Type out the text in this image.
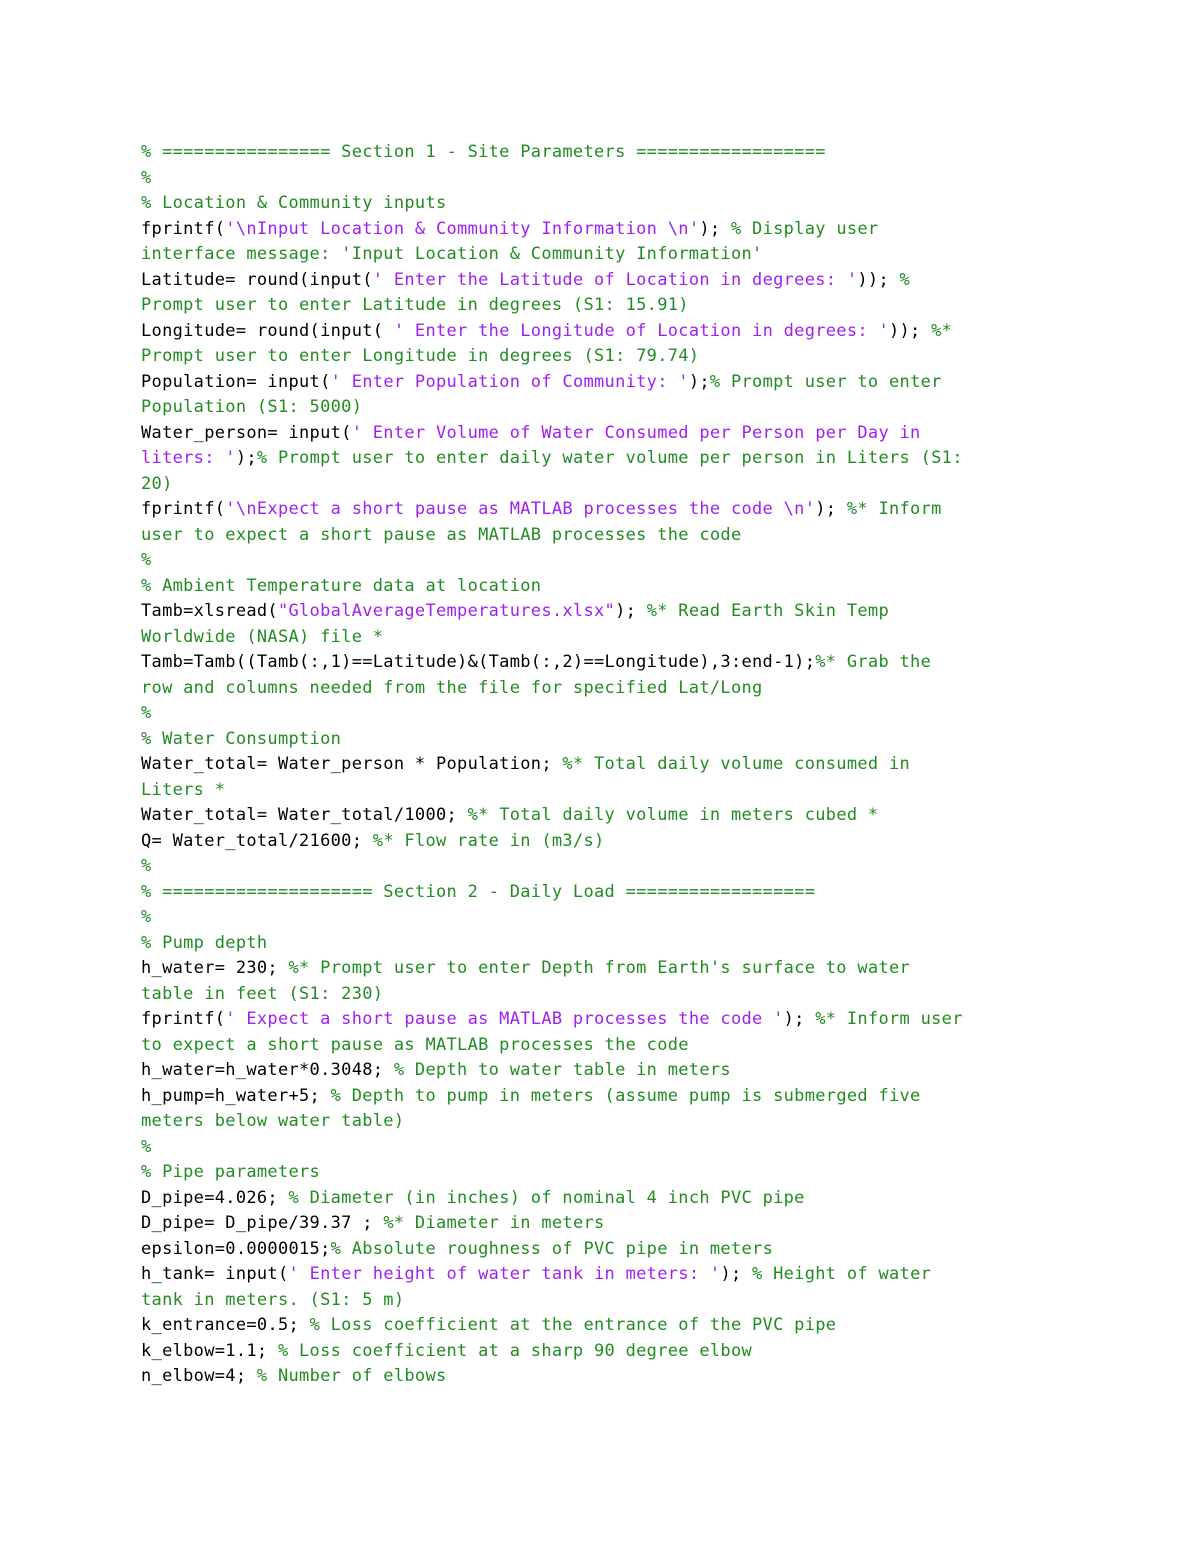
% ================ Section 1 - Site Parameters ==================
%
% Location & Community inputs
fprintf('\nInput Location & Community Information \n'); % Display user
interface message: 'Input Location & Community Information'
Latitude= round(input(' Enter the Latitude of Location in degrees: ')); %
Prompt user to enter Latitude in degrees (S1: 15.91)
Longitude= round(input( ' Enter the Longitude of Location in degrees: ')); %*
Prompt user to enter Longitude in degrees (S1: 79.74)
Population= input(' Enter Population of Community: ');% Prompt user to enter
Population (S1: 5000)
Water_person= input(' Enter Volume of Water Consumed per Person per Day in
liters: ');% Prompt user to enter daily water volume per person in Liters (S1:
20)
fprintf('\nExpect a short pause as MATLAB processes the code \n'); %* Inform
user to expect a short pause as MATLAB processes the code
%
% Ambient Temperature data at location
Tamb=xlsread("GlobalAverageTemperatures.xlsx"); %* Read Earth Skin Temp
Worldwide (NASA) file *
Tamb=Tamb((Tamb(:,1)==Latitude)&(Tamb(:,2)==Longitude),3:end-1);%* Grab the
row and columns needed from the file for specified Lat/Long
%
% Water Consumption
Water_total= Water_person * Population; %* Total daily volume consumed in
Liters *
Water_total= Water_total/1000; %* Total daily volume in meters cubed *
Q= Water_total/21600; %* Flow rate in (m3/s)
%
% ==================== Section 2 - Daily Load ==================
%
% Pump depth
h_water= 230; %* Prompt user to enter Depth from Earth's surface to water
table in feet (S1: 230)
fprintf(' Expect a short pause as MATLAB processes the code '); %* Inform user
to expect a short pause as MATLAB processes the code
h_water=h_water*0.3048; % Depth to water table in meters
h_pump=h_water+5; % Depth to pump in meters (assume pump is submerged five
meters below water table)
%
% Pipe parameters
D_pipe=4.026; % Diameter (in inches) of nominal 4 inch PVC pipe
D_pipe= D_pipe/39.37 ; %* Diameter in meters
epsilon=0.0000015;% Absolute roughness of PVC pipe in meters
h_tank= input(' Enter height of water tank in meters: '); % Height of water
tank in meters. (S1: 5 m)
k_entrance=0.5; % Loss coefficient at the entrance of the PVC pipe
k_elbow=1.1; % Loss coefficient at a sharp 90 degree elbow
n_elbow=4; % Number of elbows
